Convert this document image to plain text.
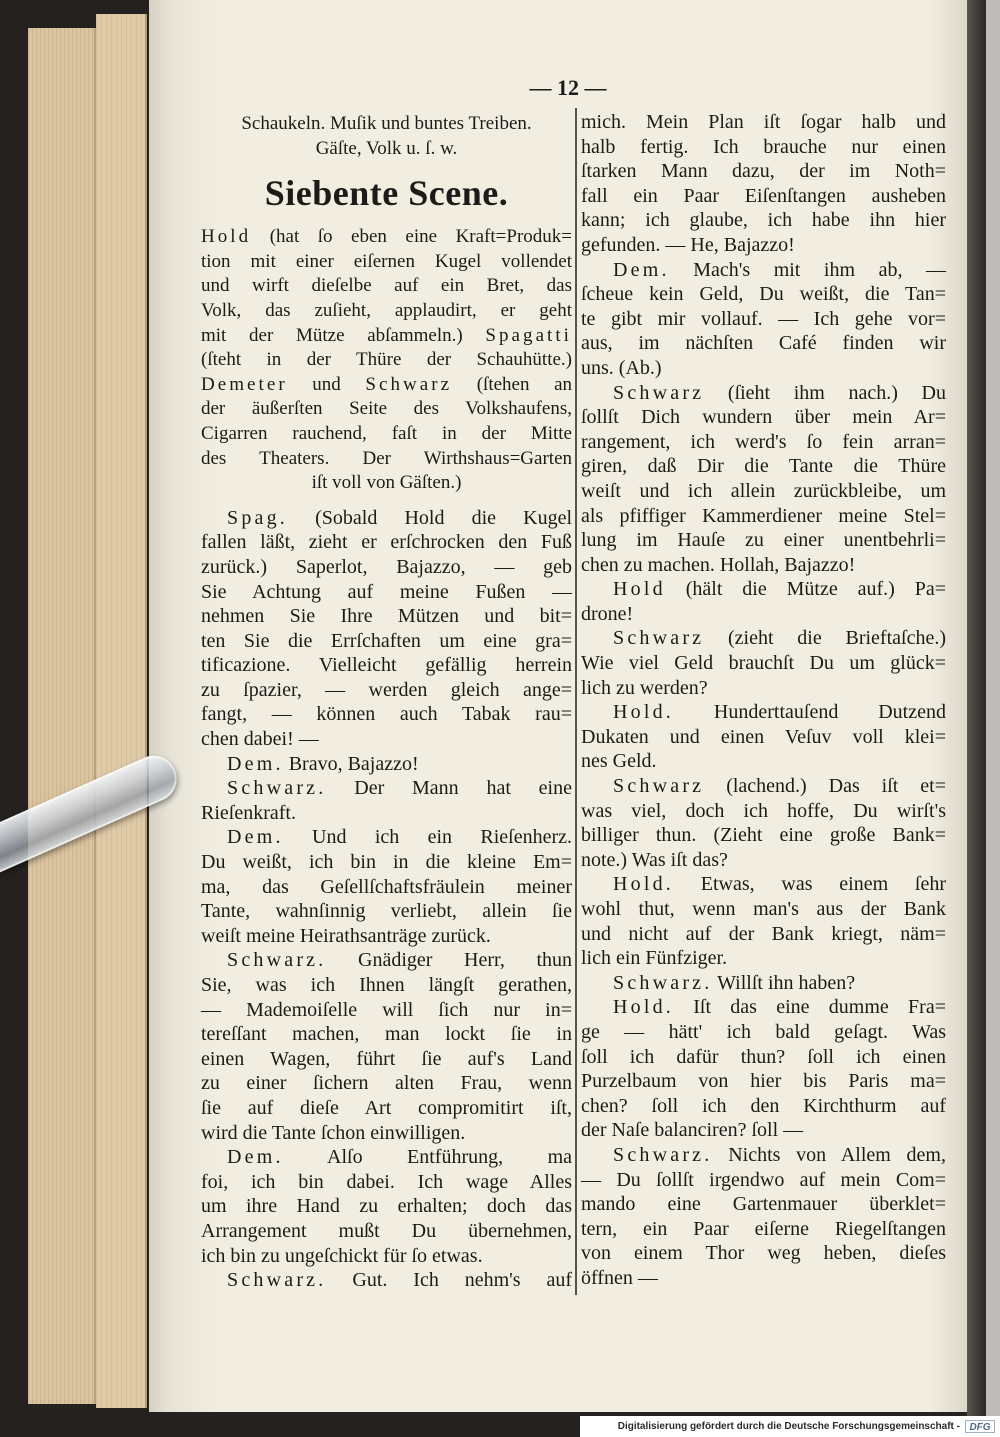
— 12 —
Schaukeln. Muſik und buntes Treiben.
Gäſte, Volk u. ſ. w.
Siebente Scene.
Hold (hat ſo eben eine Kraft=Produk=
tion mit einer eiſernen Kugel vollendet
und wirft dieſelbe auf ein Bret, das
Volk, das zuſieht, applaudirt, er geht
mit der Mütze abſammeln.) Spagatti
(ſteht in der Thüre der Schauhütte.)
Demeter und Schwarz (ſtehen an
der äußerſten Seite des Volkshaufens,
Cigarren rauchend, faſt in der Mitte
des Theaters. Der Wirthshaus=Garten
iſt voll von Gäſten.)
Spag. (Sobald Hold die Kugel
fallen läßt, zieht er erſchrocken den Fuß
zurück.) Saperlot, Bajazzo, — geb
Sie Achtung auf meine Fußen —
nehmen Sie Ihre Mützen und bit=
ten Sie die Errſchaften um eine gra=
tificazione. Vielleicht gefällig herrein
zu ſpazier, — werden gleich ange=
fangt, — können auch Tabak rau=
chen dabei! —
Dem. Bravo, Bajazzo!
Schwarz. Der Mann hat eine
Rieſenkraft.
Dem. Und ich ein Rieſenherz.
Du weißt, ich bin in die kleine Em=
ma, das Geſellſchaftsfräulein meiner
Tante, wahnſinnig verliebt, allein ſie
weiſt meine Heirathsanträge zurück.
Schwarz. Gnädiger Herr, thun
Sie, was ich Ihnen längſt gerathen,
— Mademoiſelle will ſich nur in=
tereſſant machen, man lockt ſie in
einen Wagen, führt ſie auf's Land
zu einer ſichern alten Frau, wenn
ſie auf dieſe Art compromitirt iſt,
wird die Tante ſchon einwilligen.
Dem. Alſo Entführung, ma
foi, ich bin dabei. Ich wage Alles
um ihre Hand zu erhalten; doch das
Arrangement mußt Du übernehmen,
ich bin zu ungeſchickt für ſo etwas.
Schwarz. Gut. Ich nehm's auf
mich. Mein Plan iſt ſogar halb und
halb fertig. Ich brauche nur einen
ſtarken Mann dazu, der im Noth=
fall ein Paar Eiſenſtangen ausheben
kann; ich glaube, ich habe ihn hier
gefunden. — He, Bajazzo!
Dem. Mach's mit ihm ab, —
ſcheue kein Geld, Du weißt, die Tan=
te gibt mir vollauf. — Ich gehe vor=
aus, im nächſten Café finden wir
uns. (Ab.)
Schwarz (ſieht ihm nach.) Du
ſollſt Dich wundern über mein Ar=
rangement, ich werd's ſo fein arran=
giren, daß Dir die Tante die Thüre
weiſt und ich allein zurückbleibe, um
als pfiffiger Kammerdiener meine Stel=
lung im Hauſe zu einer unentbehrli=
chen zu machen. Hollah, Bajazzo!
Hold (hält die Mütze auf.) Pa=
drone!
Schwarz (zieht die Brieftaſche.)
Wie viel Geld brauchſt Du um glück=
lich zu werden?
Hold. Hunderttauſend Dutzend
Dukaten und einen Veſuv voll klei=
nes Geld.
Schwarz (lachend.) Das iſt et=
was viel, doch ich hoffe, Du wirſt's
billiger thun. (Zieht eine große Bank=
note.) Was iſt das?
Hold. Etwas, was einem ſehr
wohl thut, wenn man's aus der Bank
und nicht auf der Bank kriegt, näm=
lich ein Fünfziger.
Schwarz. Willſt ihn haben?
Hold. Iſt das eine dumme Fra=
ge — hätt' ich bald geſagt. Was
ſoll ich dafür thun? ſoll ich einen
Purzelbaum von hier bis Paris ma=
chen? ſoll ich den Kirchthurm auf
der Naſe balanciren? ſoll —
Schwarz. Nichts von Allem dem,
— Du ſollſt irgendwo auf mein Com=
mando eine Gartenmauer überklet=
tern, ein Paar eiſerne Riegelſtangen
von einem Thor weg heben, dieſes
öffnen —
Digitalisierung gefördert durch die Deutsche Forschungsgemeinschaft - DFG
